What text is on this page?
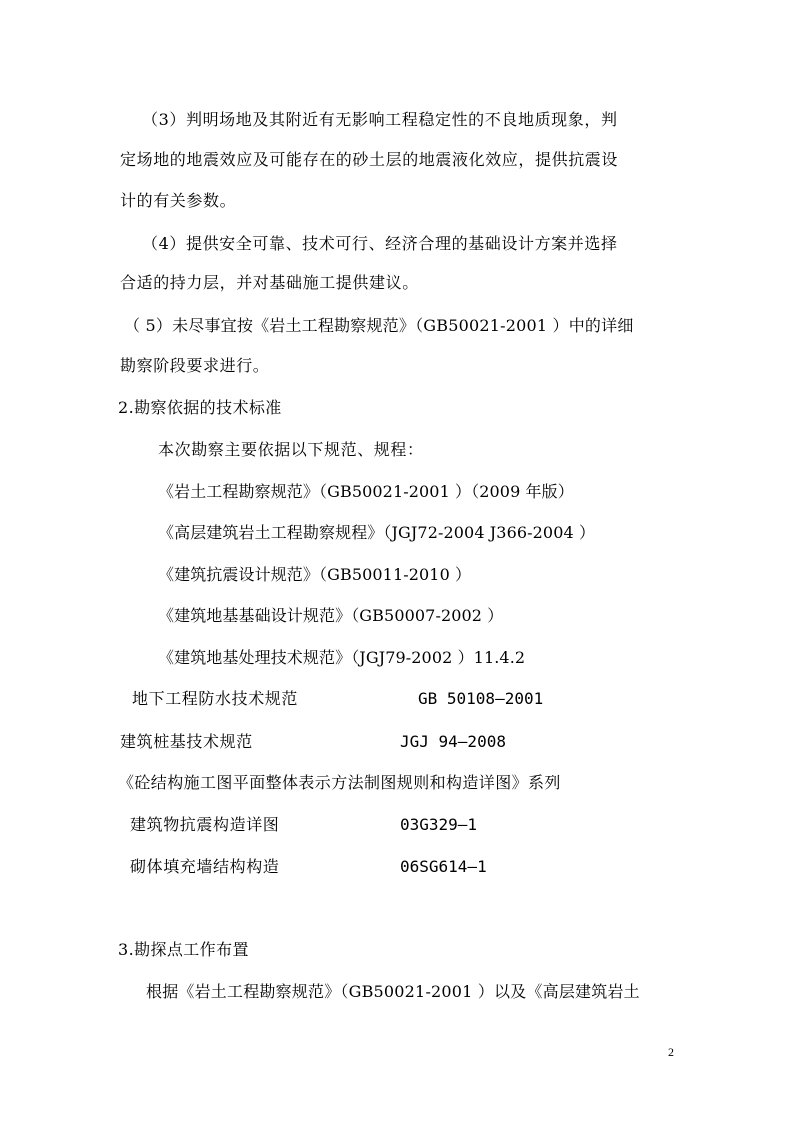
（3）判明场地及其附近有无影响工程稳定性的不良地质现象，判
定场地的地震效应及可能存在的砂土层的地震液化效应，提供抗震设
计的有关参数。
（4）提供安全可靠、技术可行、经济合理的基础设计方案并选择
合适的持力层，并对基础施工提供建议。
（ 5）未尽事宜按《岩土工程勘察规范》（GB50021-2001 ）中的详细
勘察阶段要求进行。
2.勘察依据的技术标准
本次勘察主要依据以下规范、规程：
《岩土工程勘察规范》（GB50021-2001 ）（2009 年版）
《高层建筑岩土工程勘察规程》（JGJ72-2004 J366-2004 ）
《建筑抗震设计规范》（GB50011-2010 ）
《建筑地基基础设计规范》（GB50007-2002 ）
《建筑地基处理技术规范》（JGJ79-2002 ）11.4.2
地下工程防水技术规范	GB 50108—2001
建筑桩基技术规范	JGJ 94—2008
《砼结构施工图平面整体表示方法制图规则和构造详图》系列
建筑物抗震构造详图	03G329—1
砌体填充墙结构构造	06SG614—1
3.勘探点工作布置
根据《岩土工程勘察规范》（GB50021-2001 ）以及《高层建筑岩土
2
